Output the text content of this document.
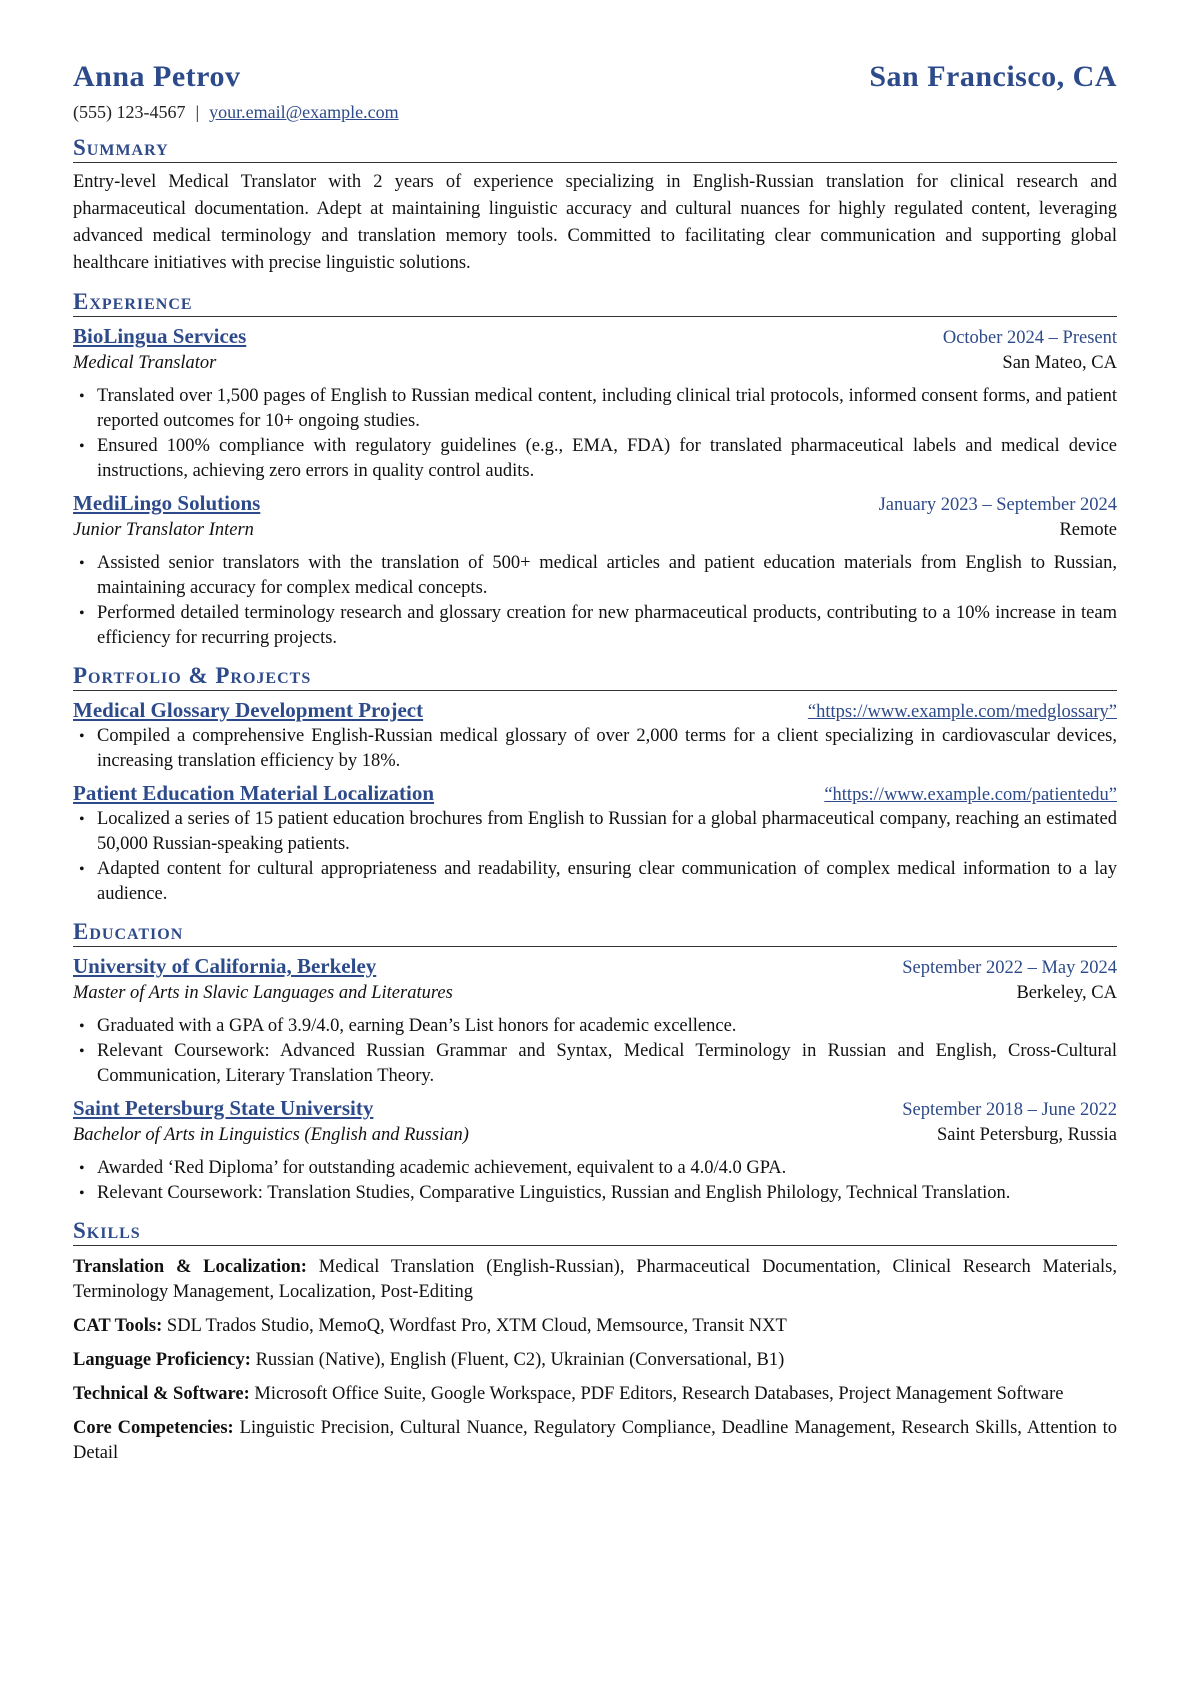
Anna Petrov	San Francisco, CA
(555) 123-4567 | your.email@example.com
Summary

Entry-level Medical Translator with 2 years of experience specializing in English-Russian translation for clinical research and pharmaceutical documentation. Adept at maintaining linguistic accuracy and cultural nuances for highly regulated content, leveraging advanced medical terminology and translation memory tools. Committed to facilitating clear communication and supporting global healthcare initiatives with precise linguistic solutions.

Experience
BioLingua Services	October 2024 – Present
Medical Translator	San Mateo, CA
• Translated over 1,500 pages of English to Russian medical content, including clinical trial protocols, informed consent forms, and patient reported outcomes for 10+ ongoing studies.
• Ensured 100% compliance with regulatory guidelines (e.g., EMA, FDA) for translated pharmaceutical labels and medical device instructions, achieving zero errors in quality control audits.
MediLingo Solutions	January 2023 – September 2024
Junior Translator Intern	Remote
• Assisted senior translators with the translation of 500+ medical articles and patient education materials from English to Russian, maintaining accuracy for complex medical concepts.
• Performed detailed terminology research and glossary creation for new pharmaceutical products, contributing to a 10% increase in team efficiency for recurring projects.
Portfolio & Projects
Medical Glossary Development Project	“https://www.example.com/medglossary”
• Compiled a comprehensive English-Russian medical glossary of over 2,000 terms for a client specializing in cardiovascular devices, increasing translation efficiency by 18%.
Patient Education Material Localization	“https://www.example.com/patientedu”
• Localized a series of 15 patient education brochures from English to Russian for a global pharmaceutical company, reaching an estimated 50,000 Russian-speaking patients.
• Adapted content for cultural appropriateness and readability, ensuring clear communication of complex medical information to a lay audience.
Education
University of California, Berkeley	September 2022 – May 2024
Master of Arts in Slavic Languages and Literatures	Berkeley, CA
• Graduated with a GPA of 3.9/4.0, earning Dean’s List honors for academic excellence.
• Relevant Coursework: Advanced Russian Grammar and Syntax, Medical Terminology in Russian and English, Cross-Cultural Communication, Literary Translation Theory.
Saint Petersburg State University	September 2018 – June 2022
Bachelor of Arts in Linguistics (English and Russian)	Saint Petersburg, Russia
• Awarded ‘Red Diploma’ for outstanding academic achievement, equivalent to a 4.0/4.0 GPA.
• Relevant Coursework: Translation Studies, Comparative Linguistics, Russian and English Philology, Technical Translation.
Skills
Translation & Localization: Medical Translation (English-Russian), Pharmaceutical Documentation, Clinical Research Materials, Terminology Management, Localization, Post-Editing
CAT Tools: SDL Trados Studio, MemoQ, Wordfast Pro, XTM Cloud, Memsource, Transit NXT
Language Proficiency: Russian (Native), English (Fluent, C2), Ukrainian (Conversational, B1)
Technical & Software: Microsoft Office Suite, Google Workspace, PDF Editors, Research Databases, Project Management Software
Core Competencies: Linguistic Precision, Cultural Nuance, Regulatory Compliance, Deadline Management, Research Skills, Attention to Detail
